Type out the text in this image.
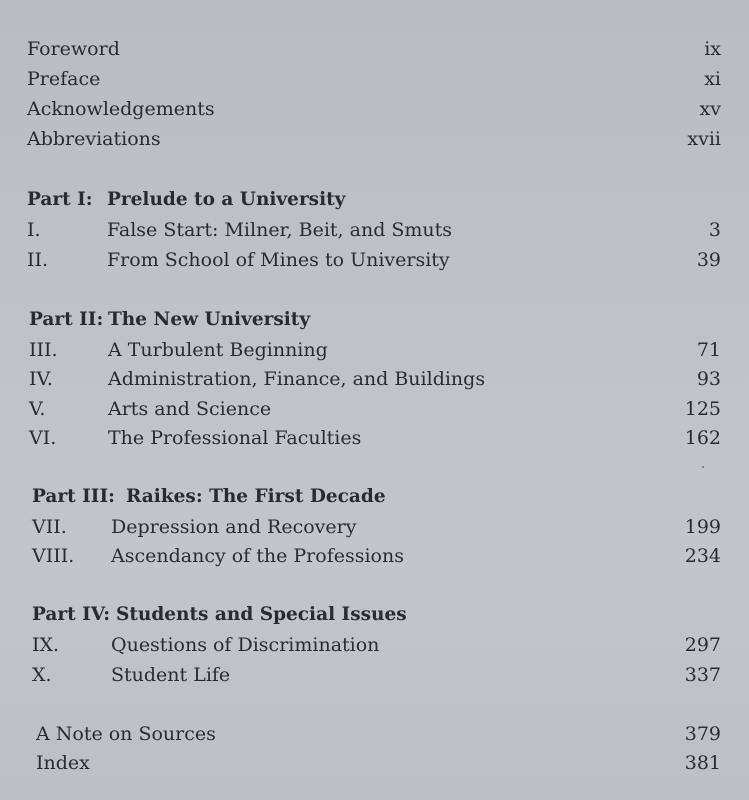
Foreword	ix
Preface	xi
Acknowledgements	xv
Abbreviations	xvii
Part I: Prelude to a University
I.	False Start: Milner, Beit, and Smuts	3
II.	From School of Mines to University	39
Part II: The New University
III.	A Turbulent Beginning	71
IV.	Administration, Finance, and Buildings	93
V.	Arts and Science	125
VI.	The Professional Faculties	162
Part III: Raikes: The First Decade
VII. Depression and Recovery	199
VIII. Ascendancy of the Professions	234
Part IV: Students and Special Issues
IX.	Questions of Discrimination	297
X.	Student Life	337
A Note on Sources	379
Index	381
